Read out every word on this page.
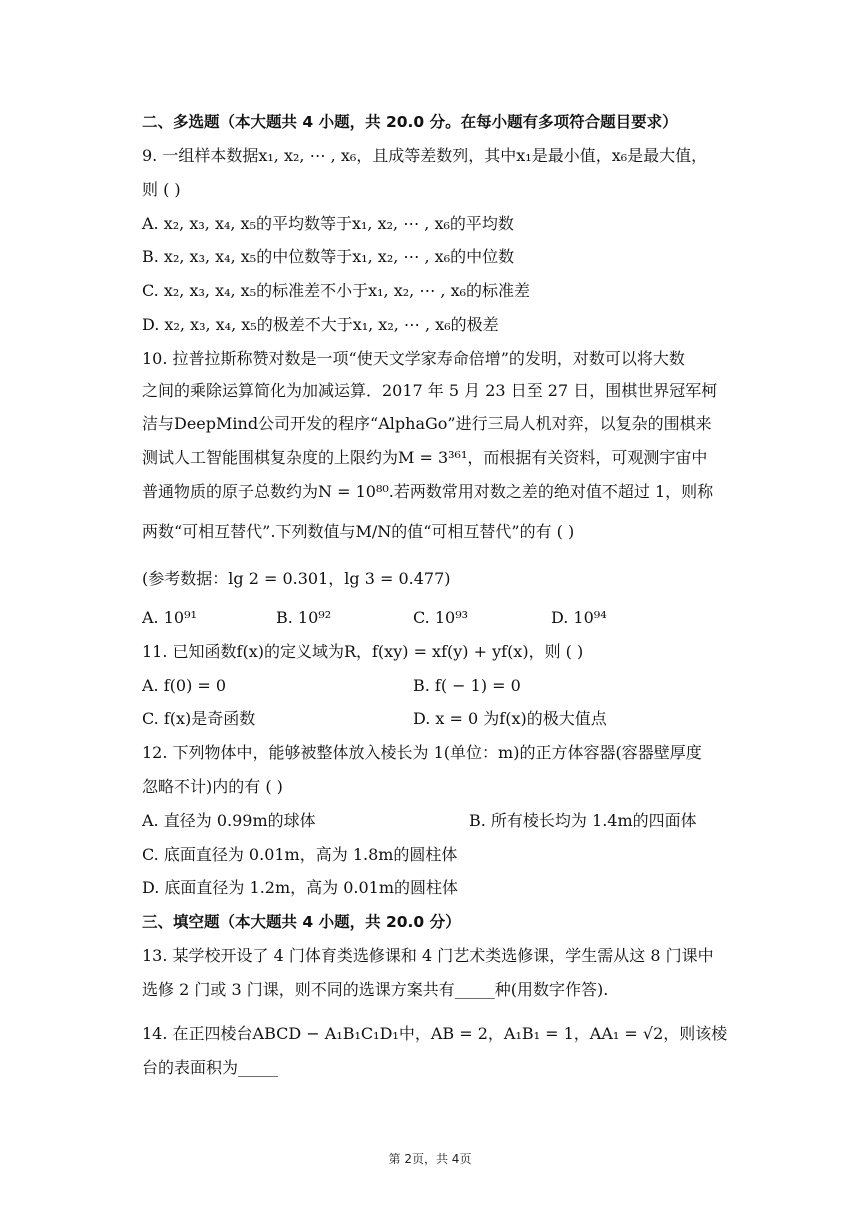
二、多选题（本大题共 4 小题，共 20.0 分。在每小题有多项符合题目要求）
9. 一组样本数据x₁, x₂, ⋯ , x₆，且成等差数列，其中x₁是最小值，x₆是最大值，
则 ( )
A. x₂, x₃, x₄, x₅的平均数等于x₁, x₂, ⋯ , x₆的平均数
B. x₂, x₃, x₄, x₅的中位数等于x₁, x₂, ⋯ , x₆的中位数
C. x₂, x₃, x₄, x₅的标准差不小于x₁, x₂, ⋯ , x₆的标准差
D. x₂, x₃, x₄, x₅的极差不大于x₁, x₂, ⋯ , x₆的极差
10. 拉普拉斯称赞对数是一项“使天文学家寿命倍增”的发明，对数可以将大数
之间的乘除运算简化为加减运算．2017 年 5 月 23 日至 27 日，围棋世界冠军柯
洁与DeepMind公司开发的程序“AlphaGo”进行三局人机对弈，以复杂的围棋来
测试人工智能围棋复杂度的上限约为M = 3³⁶¹，而根据有关资料，可观测宇宙中
普通物质的原子总数约为N = 10⁸⁰.若两数常用对数之差的绝对值不超过 1，则称
两数“可相互替代”.下列数值与M/N的值“可相互替代”的有 ( )
(参考数据：lg 2 = 0.301，lg 3 = 0.477)
A. 10⁹¹	B. 10⁹²	C. 10⁹³	D. 10⁹⁴
11. 已知函数f(x)的定义域为R，f(xy) = xf(y) + yf(x)，则 ( )
A. f(0) = 0	B. f( − 1) = 0
C. f(x)是奇函数	D. x = 0 为f(x)的极大值点
12. 下列物体中，能够被整体放入棱长为 1(单位：m)的正方体容器(容器壁厚度
忽略不计)内的有 ( )
A. 直径为 0.99m的球体	B. 所有棱长均为 1.4m的四面体
C. 底面直径为 0.01m，高为 1.8m的圆柱体
D. 底面直径为 1.2m，高为 0.01m的圆柱体
三、填空题（本大题共 4 小题，共 20.0 分）
13. 某学校开设了 4 门体育类选修课和 4 门艺术类选修课，学生需从这 8 门课中
选修 2 门或 3 门课，则不同的选课方案共有_____种(用数字作答).
14. 在正四棱台ABCD − A₁B₁C₁D₁中，AB = 2，A₁B₁ = 1，AA₁ = √2，则该棱
台的表面积为_____
第 2页，共 4页
